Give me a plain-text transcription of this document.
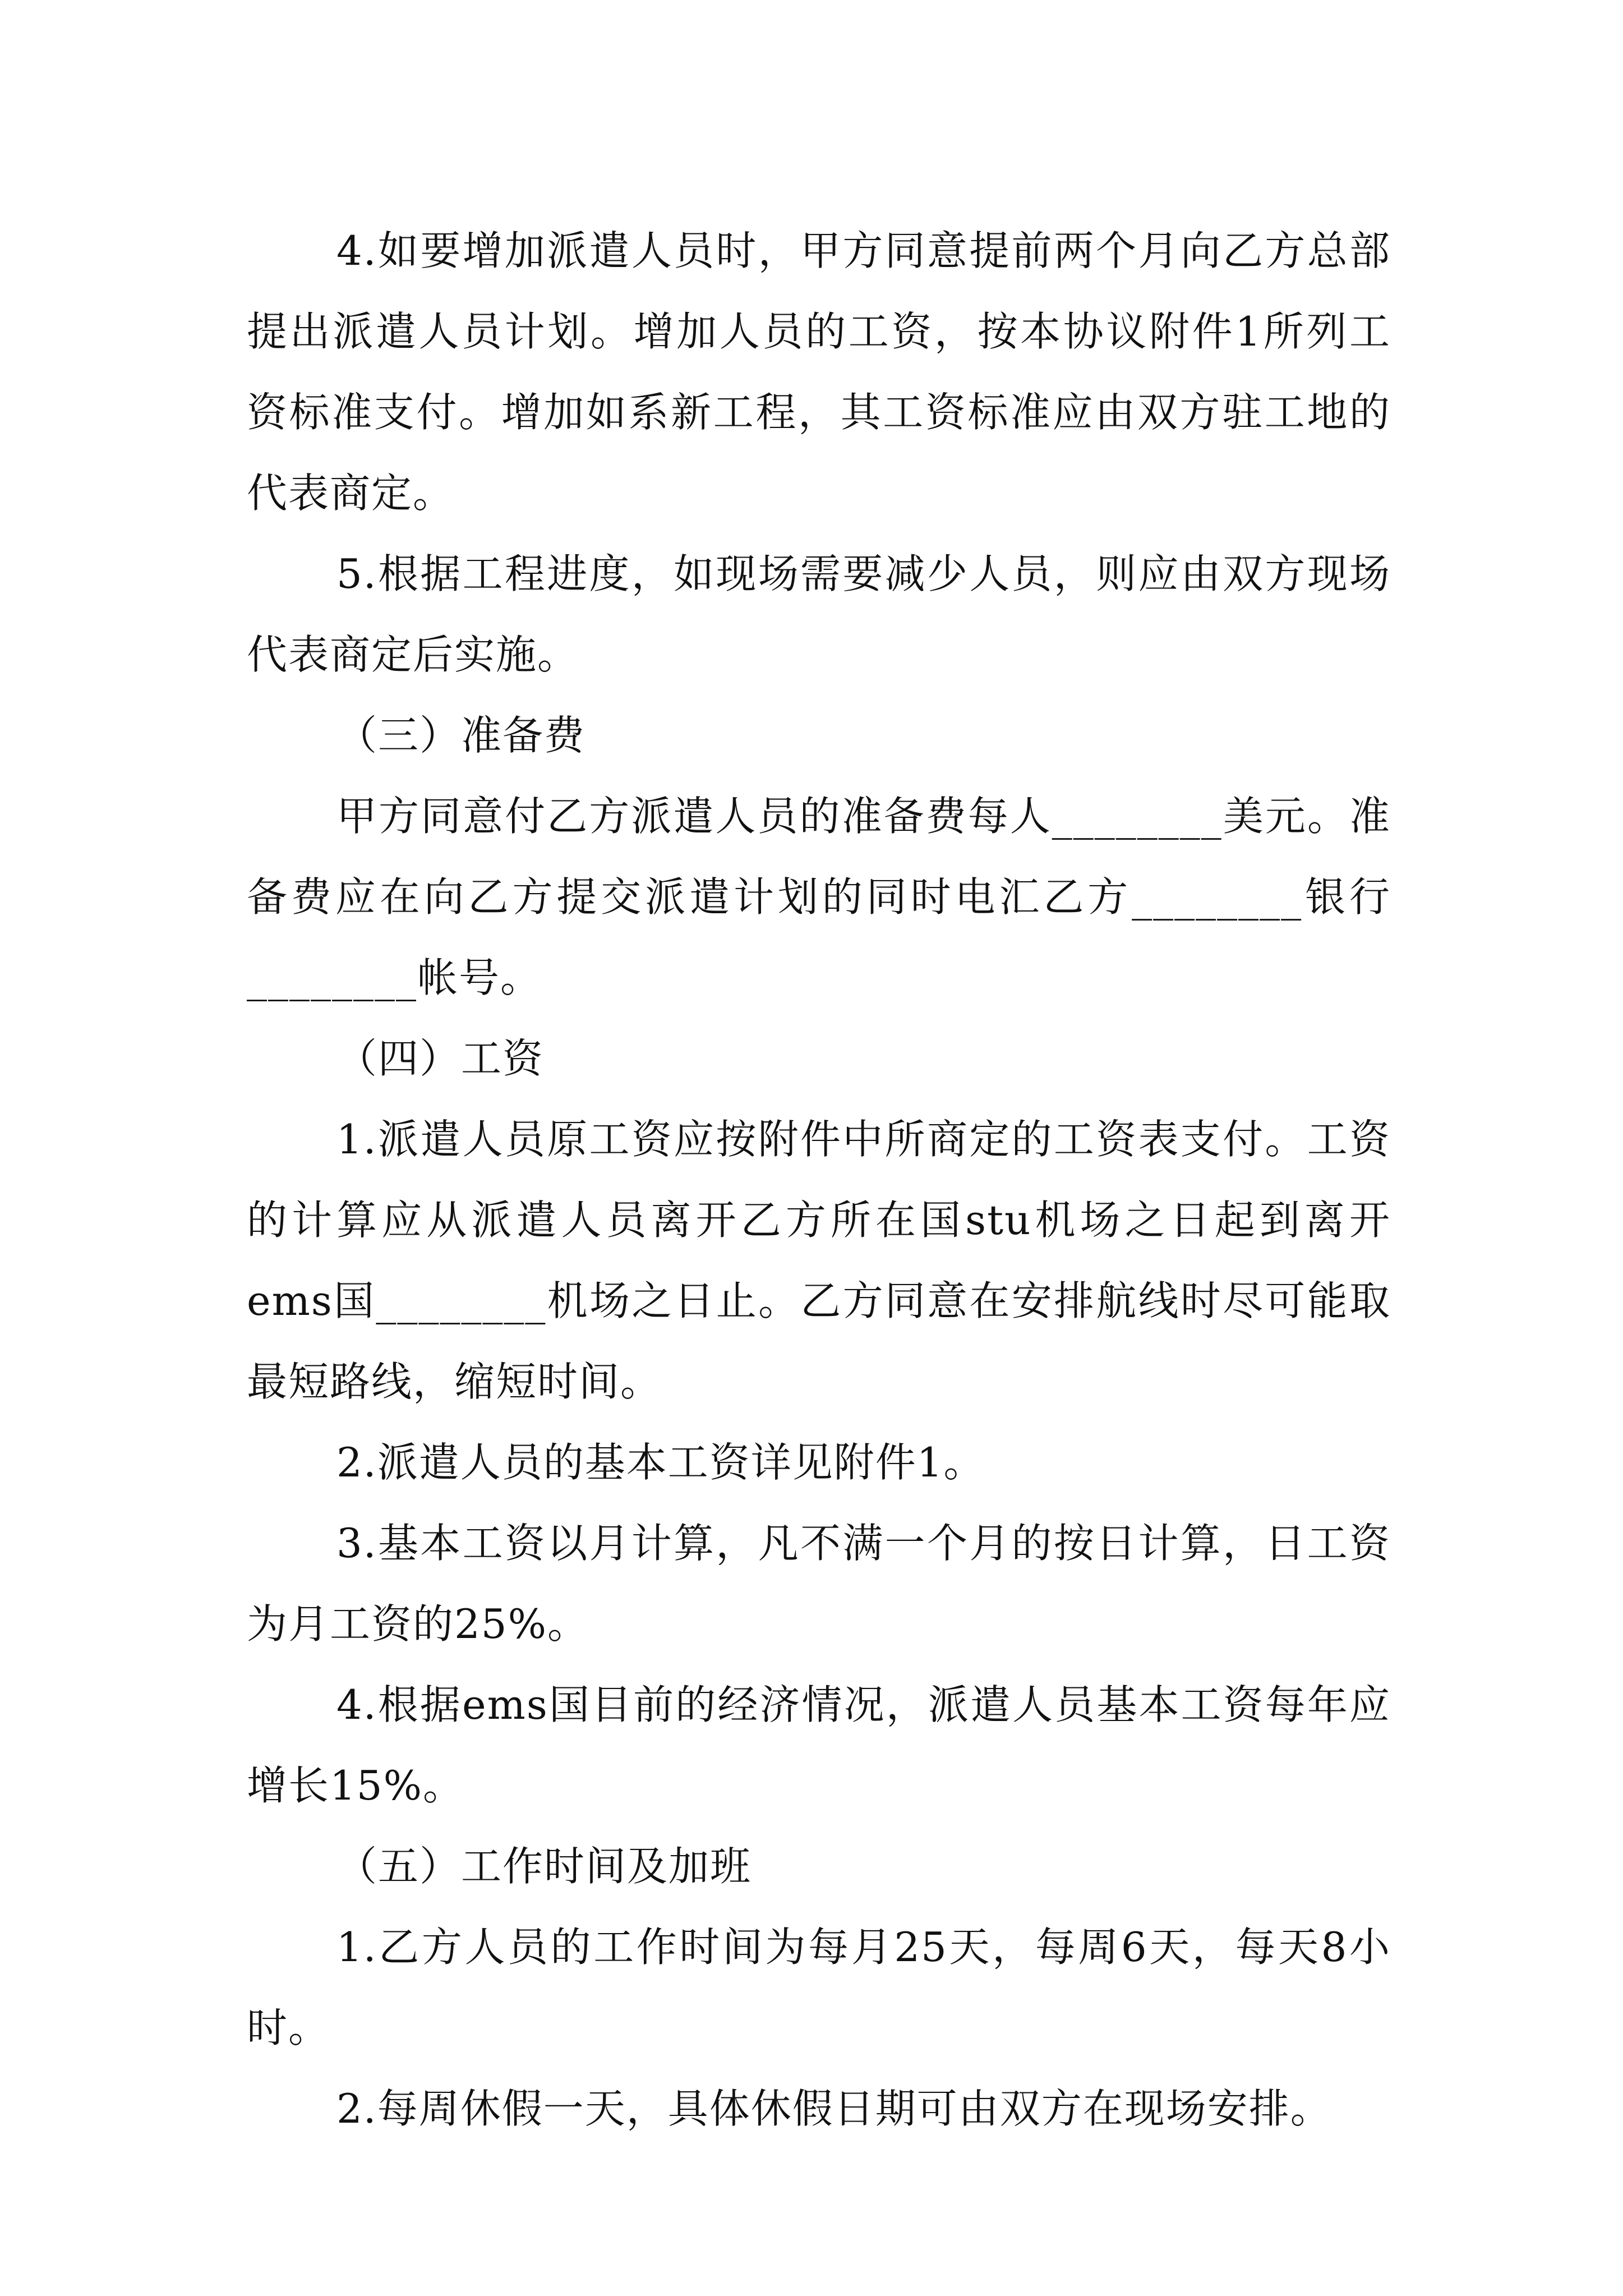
4.如要增加派遣人员时，甲方同意提前两个月向乙方总部提出派遣人员计划。增加人员的工资，按本协议附件1所列工资标准支付。增加如系新工程，其工资标准应由双方驻工地的代表商定。

5.根据工程进度，如现场需要减少人员，则应由双方现场代表商定后实施。

（三）准备费

甲方同意付乙方派遣人员的准备费每人________美元。准备费应在向乙方提交派遣计划的同时电汇乙方________银行________帐号。

（四）工资

1.派遣人员原工资应按附件中所商定的工资表支付。工资的计算应从派遣人员离开乙方所在国stu机场之日起到离开ems国________机场之日止。乙方同意在安排航线时尽可能取最短路线，缩短时间。

2.派遣人员的基本工资详见附件1。

3.基本工资以月计算，凡不满一个月的按日计算，日工资为月工资的25%。

4.根据ems国目前的经济情况，派遣人员基本工资每年应增长15%。

（五）工作时间及加班

1.乙方人员的工作时间为每月25天，每周6天，每天8小时。

2.每周休假一天，具体休假日期可由双方在现场安排。
